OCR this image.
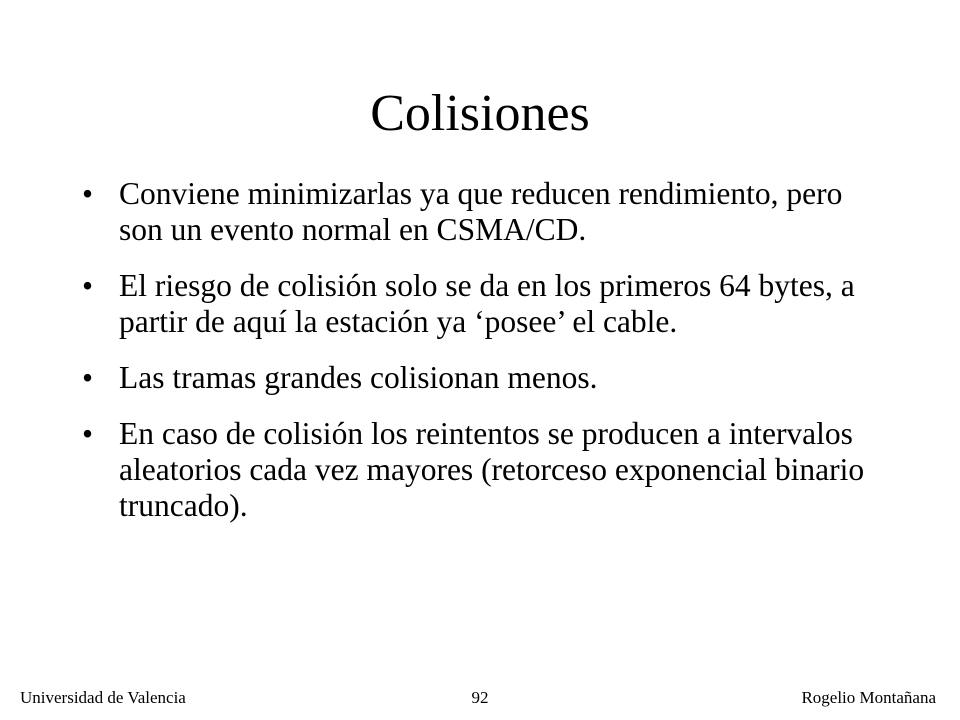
Colisiones
• Conviene minimizarlas ya que reducen rendimiento, pero son un evento normal en CSMA/CD.
• El riesgo de colisión solo se da en los primeros 64 bytes, a partir de aquí la estación ya ‘posee’ el cable.
• Las tramas grandes colisionan menos.
• En caso de colisión los reintentos se producen a intervalos aleatorios cada vez mayores (retorceso exponencial binario truncado).
Universidad de Valencia	92	Rogelio Montañana
